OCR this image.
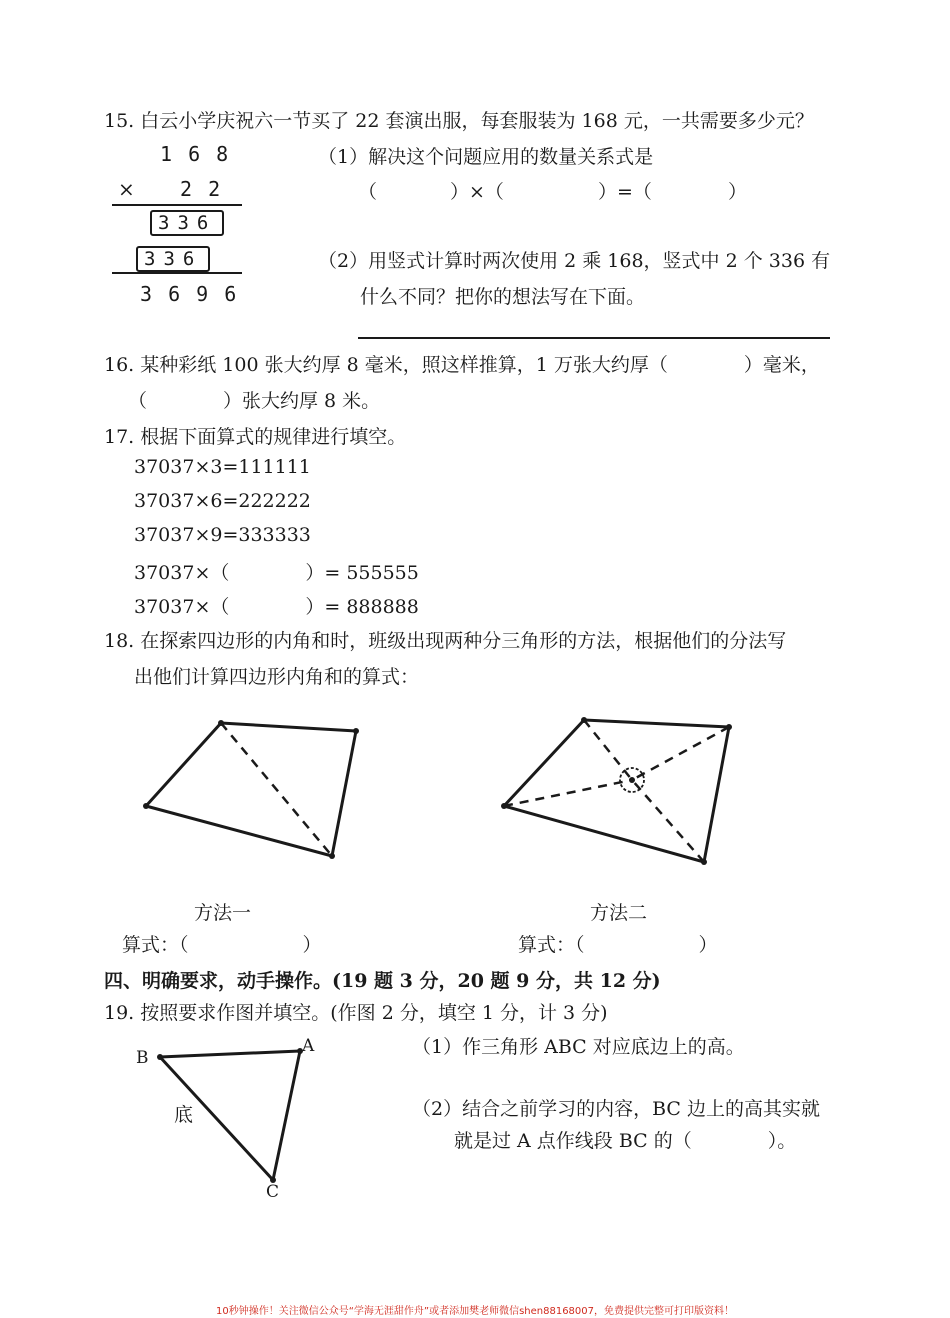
15. 白云小学庆祝六一节买了 22 套演出服，每套服装为 168 元，一共需要多少元？
1 6 8
× 2 2
336
336
3 6 9 6
（1）解决这个问题应用的数量关系式是
（	）×（	）=（	）
（2）用竖式计算时两次使用 2 乘 168，竖式中 2 个 336 有
什么不同？把你的想法写在下面。
16. 某种彩纸 100 张大约厚 8 毫米，照这样推算，1 万张大约厚（　　　　）毫米，
（　　　　）张大约厚 8 米。
17. 根据下面算式的规律进行填空。
37037×3=111111
37037×6=222222
37037×9=333333
37037×（　　　　）= 555555
37037×（　　　　）= 888888
18. 在探索四边形的内角和时，班级出现两种分三角形的方法，根据他们的分法写
出他们计算四边形内角和的算式：
方法一	方法二
算式：（　　　　　　）	算式：（　　　　　　）
四、明确要求，动手操作。(19 题 3 分，20 题 9 分，共 12 分)
19. 按照要求作图并填空。(作图 2 分，填空 1 分，计 3 分)
B
A
C
底
（1）作三角形 ABC 对应底边上的高。
（2）结合之前学习的内容，BC 边上的高其实就
就是过 A 点作线段 BC 的（　　　　）。
10秒钟操作！关注微信公众号“学海无涯甜作舟”或者添加樊老师微信shen88168007，免费提供完整可打印版资料！
